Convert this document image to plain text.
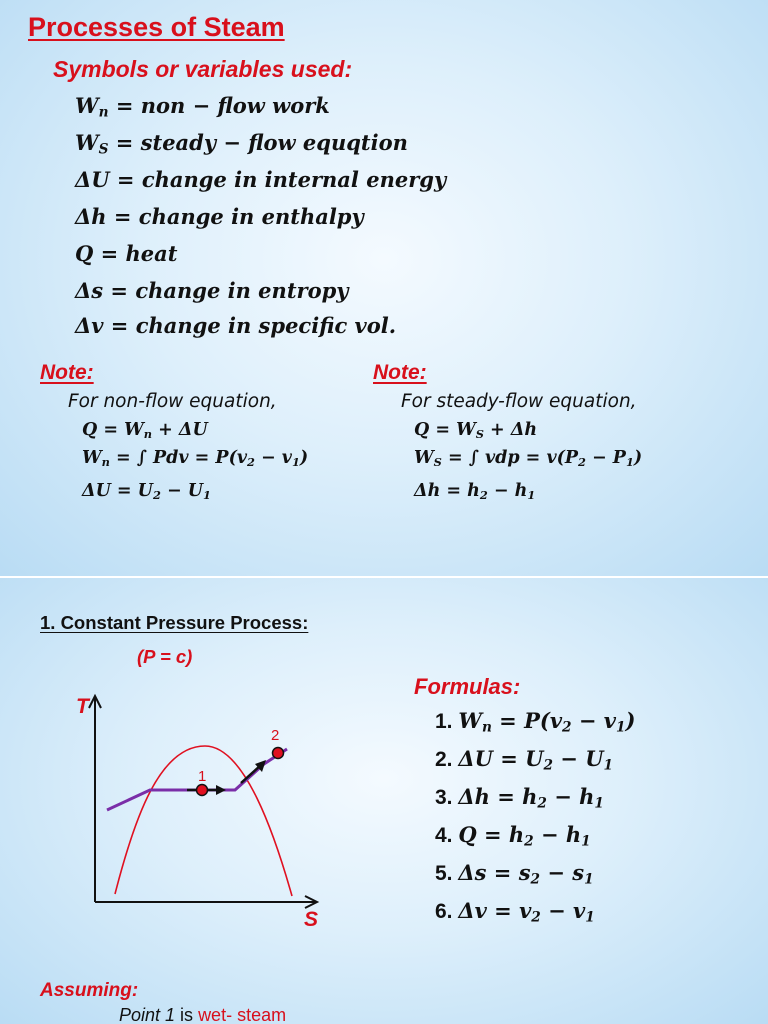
Processes of Steam
Symbols or variables used:
$W_n$ = non − flow work
$W_S$ = steady − flow equqtion
ΔU = change in internal energy
Δh = change in enthalpy
Q = heat
Δs = change in entropy
Δv = change in specific vol.
Note:
For non-flow equation,
$Q = W_n + \Delta U$
$W_n$ = ∫ Pdv = $P(v_2 - v_1)$
$\Delta U = U_2 - U_1$
Note:
For steady-flow equation,
$Q = W_S + \Delta h$
$W_S$ = ∫ vdp = $v(P_2 - P_1)$
$\Delta h = h_2 - h_1$
1. Constant Pressure Process:
(P = c)
T
S
1
2
Formulas:
1. $W_n = P(v_2 - v_1)$
2. $\Delta U = U_2 - U_1$
3. $\Delta h = h_2 - h_1$
4. $Q = h_2 - h_1$
5. $\Delta s = s_2 - s_1$
6. $\Delta v = v_2 - v_1$
Assuming:
Point 1 is wet- steam
